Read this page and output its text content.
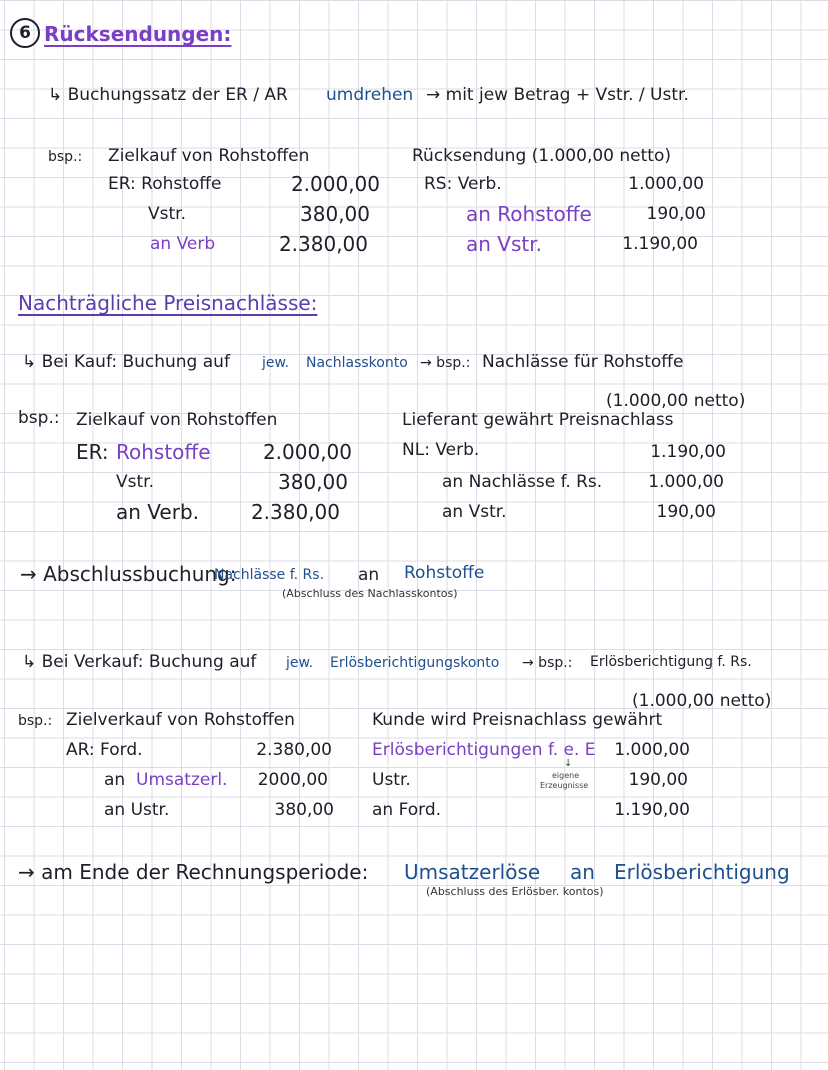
6 Rücksendungen:
↳ Buchungssatz der ER / AR umdrehen → mit jew Betrag + Vstr. / Ustr.
bsp.: Zielkauf von Rohstoffen
ER: Rohstoffe	2.000,00
Vstr.	380,00
an Verb	2.380,00
Rücksendung (1.000,00 netto)
RS: Verb.	1.000,00
an Rohstoffe	190,00
an Vstr.	1.190,00
Nachträgliche Preisnachlässe:
↳ Bei Kauf: Buchung auf jew. Nachlasskonto → bsp.: Nachlässe für Rohstoffe
(1.000,00 netto)
bsp.: Zielkauf von Rohstoffen
ER: Rohstoffe	2.000,00
Vstr.	380,00
an Verb.	2.380,00
Lieferant gewährt Preisnachlass
NL: Verb.	1.190,00
an Nachlässe f. Rs.	1.000,00
an Vstr.	190,00
→ Abschlussbuchung:
Nachlässe f. Rs. an Rohstoffe
(Abschluss des Nachlasskontos)
↳ Bei Verkauf: Buchung auf jew. Erlösberichtigungskonto → bsp.: Erlösberichtigung f. Rs.
(1.000,00 netto)
bsp.: Zielverkauf von Rohstoffen
AR: Ford.	2.380,00
an Umsatzerl.	2000,00
an Ustr.	380,00
Kunde wird Preisnachlass gewährt
Erlösberichtigungen f. e. E	1.000,00
↓
eigene
Erzeugnisse
Ustr.	190,00
an Ford.	1.190,00
→ am Ende der Rechnungsperiode: Umsatzerlöse an Erlösberichtigung
(Abschluss des Erlösber. kontos)
